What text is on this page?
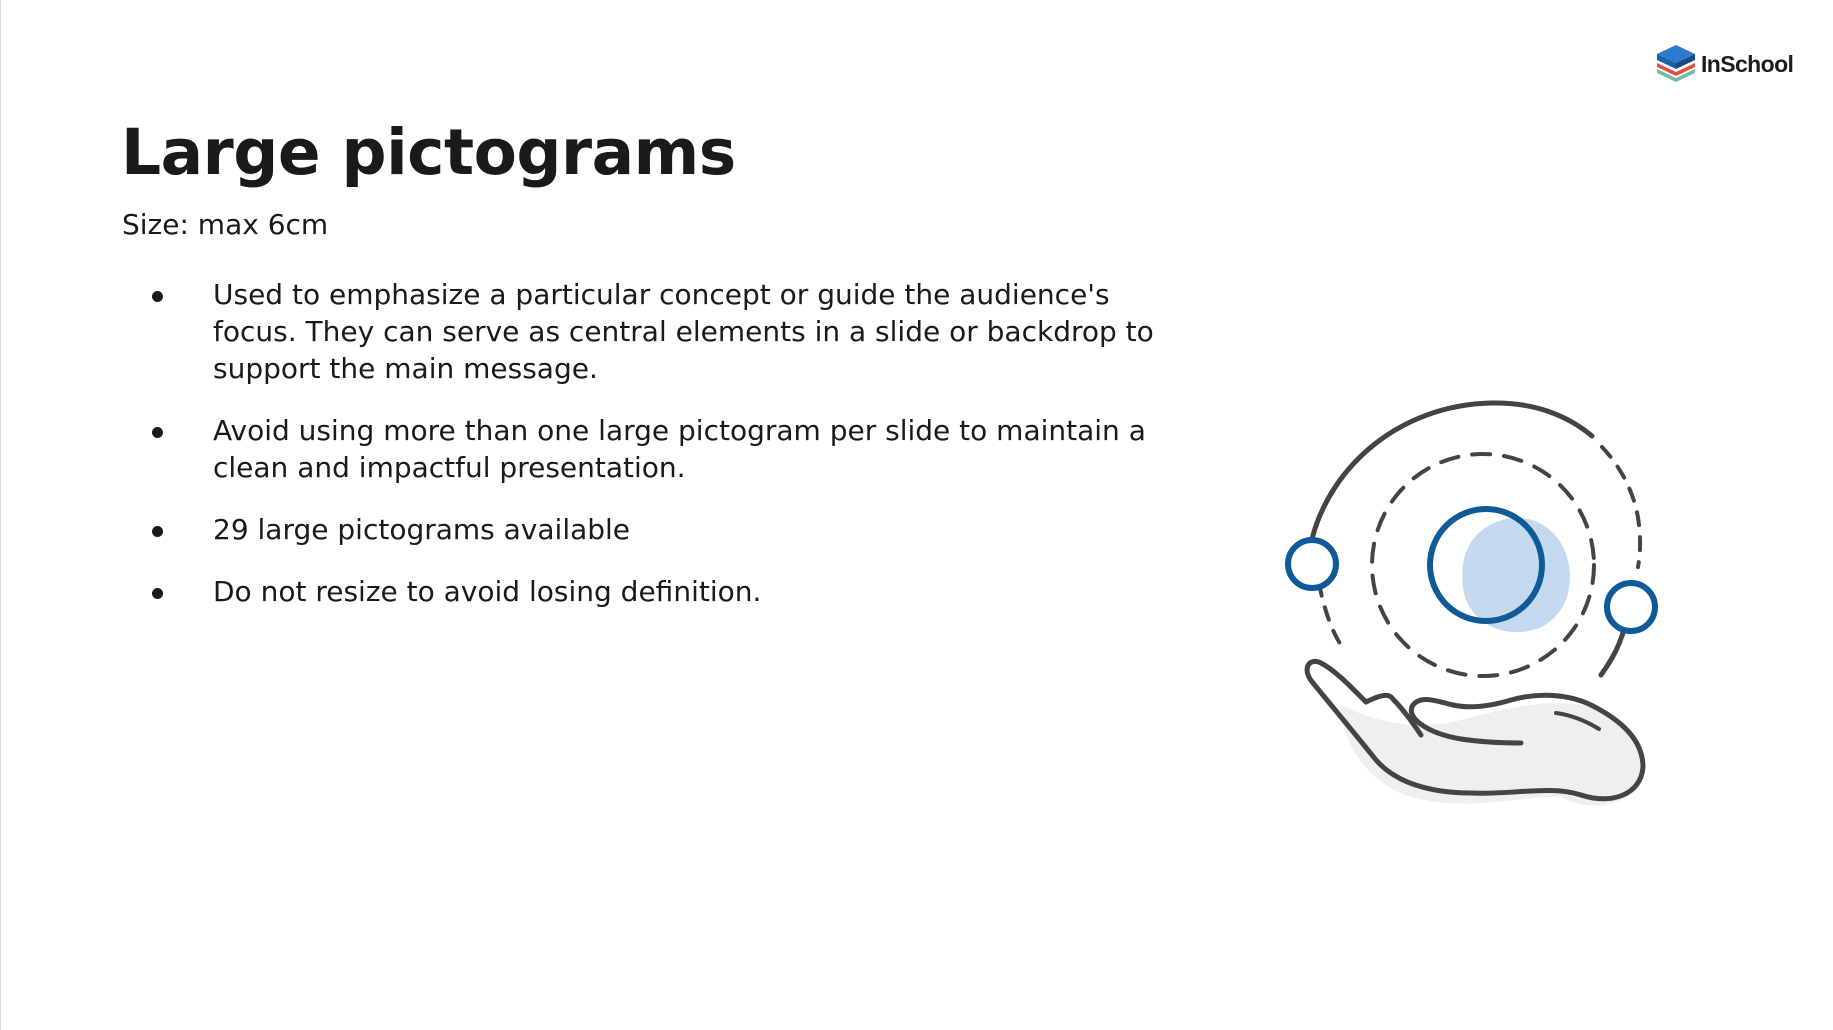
InSchool
Large pictograms

Size: max 6cm

Used to emphasize a particular concept or guide the audience's focus. They can serve as central elements in a slide or backdrop to support the main message.
Avoid using more than one large pictogram per slide to maintain a clean and impactful presentation.
29 large pictograms available
Do not resize to avoid losing definition.
